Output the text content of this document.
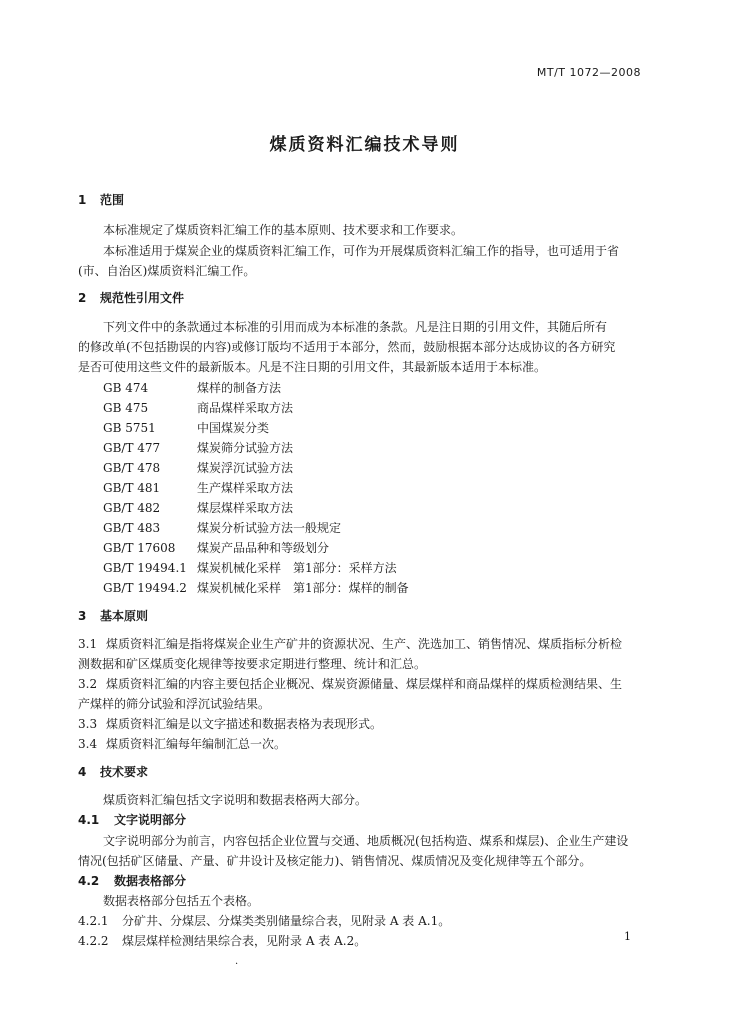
MT/T 1072—2008
煤质资料汇编技术导则
1 范围
本标准规定了煤质资料汇编工作的基本原则、技术要求和工作要求。
本标准适用于煤炭企业的煤质资料汇编工作，可作为开展煤质资料汇编工作的指导，也可适用于省
(市、自治区)煤质资料汇编工作。
2 规范性引用文件
下列文件中的条款通过本标准的引用而成为本标准的条款。凡是注日期的引用文件，其随后所有
的修改单(不包括勘误的内容)或修订版均不适用于本部分，然而，鼓励根据本部分达成协议的各方研究
是否可使用这些文件的最新版本。凡是不注日期的引用文件，其最新版本适用于本标准。
GB 474	煤样的制备方法
GB 475	商品煤样采取方法
GB 5751	中国煤炭分类
GB/T 477	煤炭筛分试验方法
GB/T 478	煤炭浮沉试验方法
GB/T 481	生产煤样采取方法
GB/T 482	煤层煤样采取方法
GB/T 483	煤炭分析试验方法一般规定
GB/T 17608 煤炭产品品种和等级划分
GB/T 19494.1 煤炭机械化采样　第1部分：采样方法
GB/T 19494.2 煤炭机械化采样　第1部分：煤样的制备
3 基本原则
3.1 煤质资料汇编是指将煤炭企业生产矿井的资源状况、生产、洗选加工、销售情况、煤质指标分析检
测数据和矿区煤质变化规律等按要求定期进行整理、统计和汇总。
3.2 煤质资料汇编的内容主要包括企业概况、煤炭资源储量、煤层煤样和商品煤样的煤质检测结果、生
产煤样的筛分试验和浮沉试验结果。
3.3 煤质资料汇编是以文字描述和数据表格为表现形式。
3.4 煤质资料汇编每年编制汇总一次。
4 技术要求
煤质资料汇编包括文字说明和数据表格两大部分。
4.1 文字说明部分
文字说明部分为前言，内容包括企业位置与交通、地质概况(包括构造、煤系和煤层)、企业生产建设
情况(包括矿区储量、产量、矿井设计及核定能力)、销售情况、煤质情况及变化规律等五个部分。
4.2 数据表格部分
数据表格部分包括五个表格。
4.2.1 分矿井、分煤层、分煤类类别储量综合表，见附录 A 表 A.1。
4.2.2 煤层煤样检测结果综合表，见附录 A 表 A.2。	1
.
